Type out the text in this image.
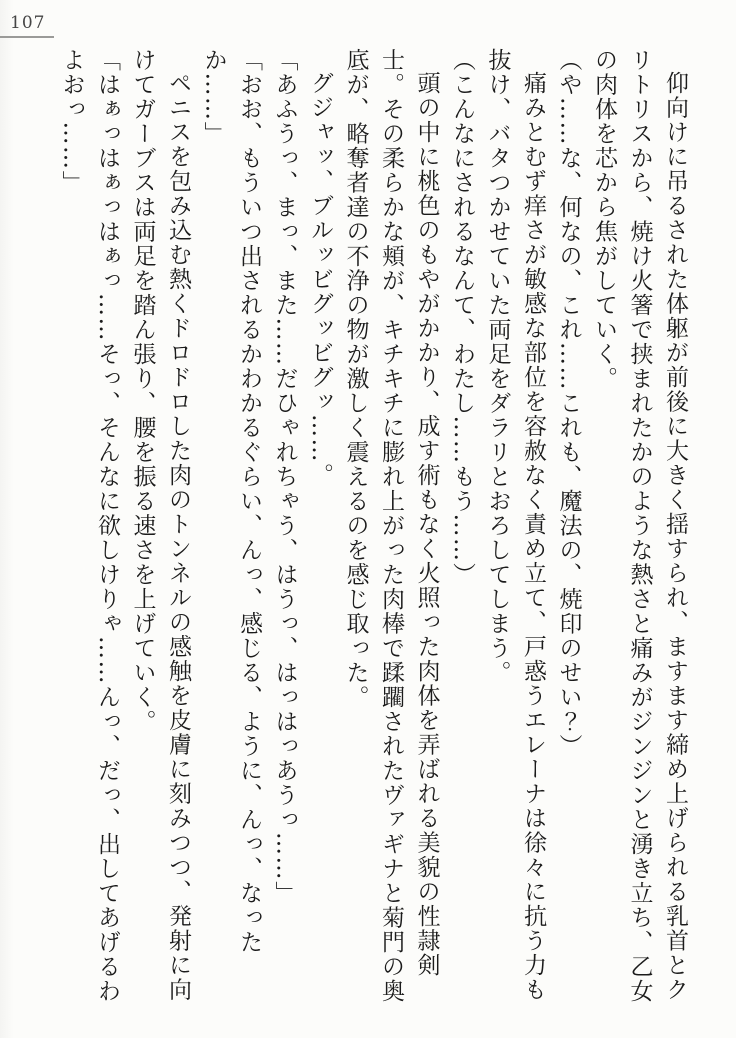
107

仰向けに吊るされた体躯が前後に大きく揺すられ、ますます締め上げられる乳首とクリトリスから、焼け火箸で挟まれたかのような熱さと痛みがジンジンと湧き立ち、乙女の肉体を芯から焦がしていく。

（や……な、何なの、これ……これも、魔法の、焼印のせい？）

痛みとむず痒さが敏感な部位を容赦なく責め立て、戸惑うエレーナは徐々に抗う力も抜け、バタつかせていた両足をダラリとおろしてしまう。

（こんなにされるなんて、わたし……もう……）

頭の中に桃色のもやがかかり、成す術もなく火照った肉体を弄ばれる美貌の性隷剣士。その柔らかな頬が、キチキチに膨れ上がった肉棒で蹂躙されたヴァギナと菊門の奥底が、略奪者達の不浄の物が激しく震えるのを感じ取った。

グジャッ、ブルッビグッビグッ……。

「あふうっ、まっ、また……だひゃれちゃう、はうっ、はっはっあうっ……」

「おお、もういつ出されるかわかるぐらい、んっ、感じる、ように、んっ、なったか……」

ペニスを包み込む熱くドロドロした肉のトンネルの感触を皮膚に刻みつつ、発射に向けてガーブスは両足を踏ん張り、腰を振る速さを上げていく。

「はぁっはぁっはぁっ……そっ、そんなに欲しけりゃ……んっ、だっ、出してあげるわよおっ……」
